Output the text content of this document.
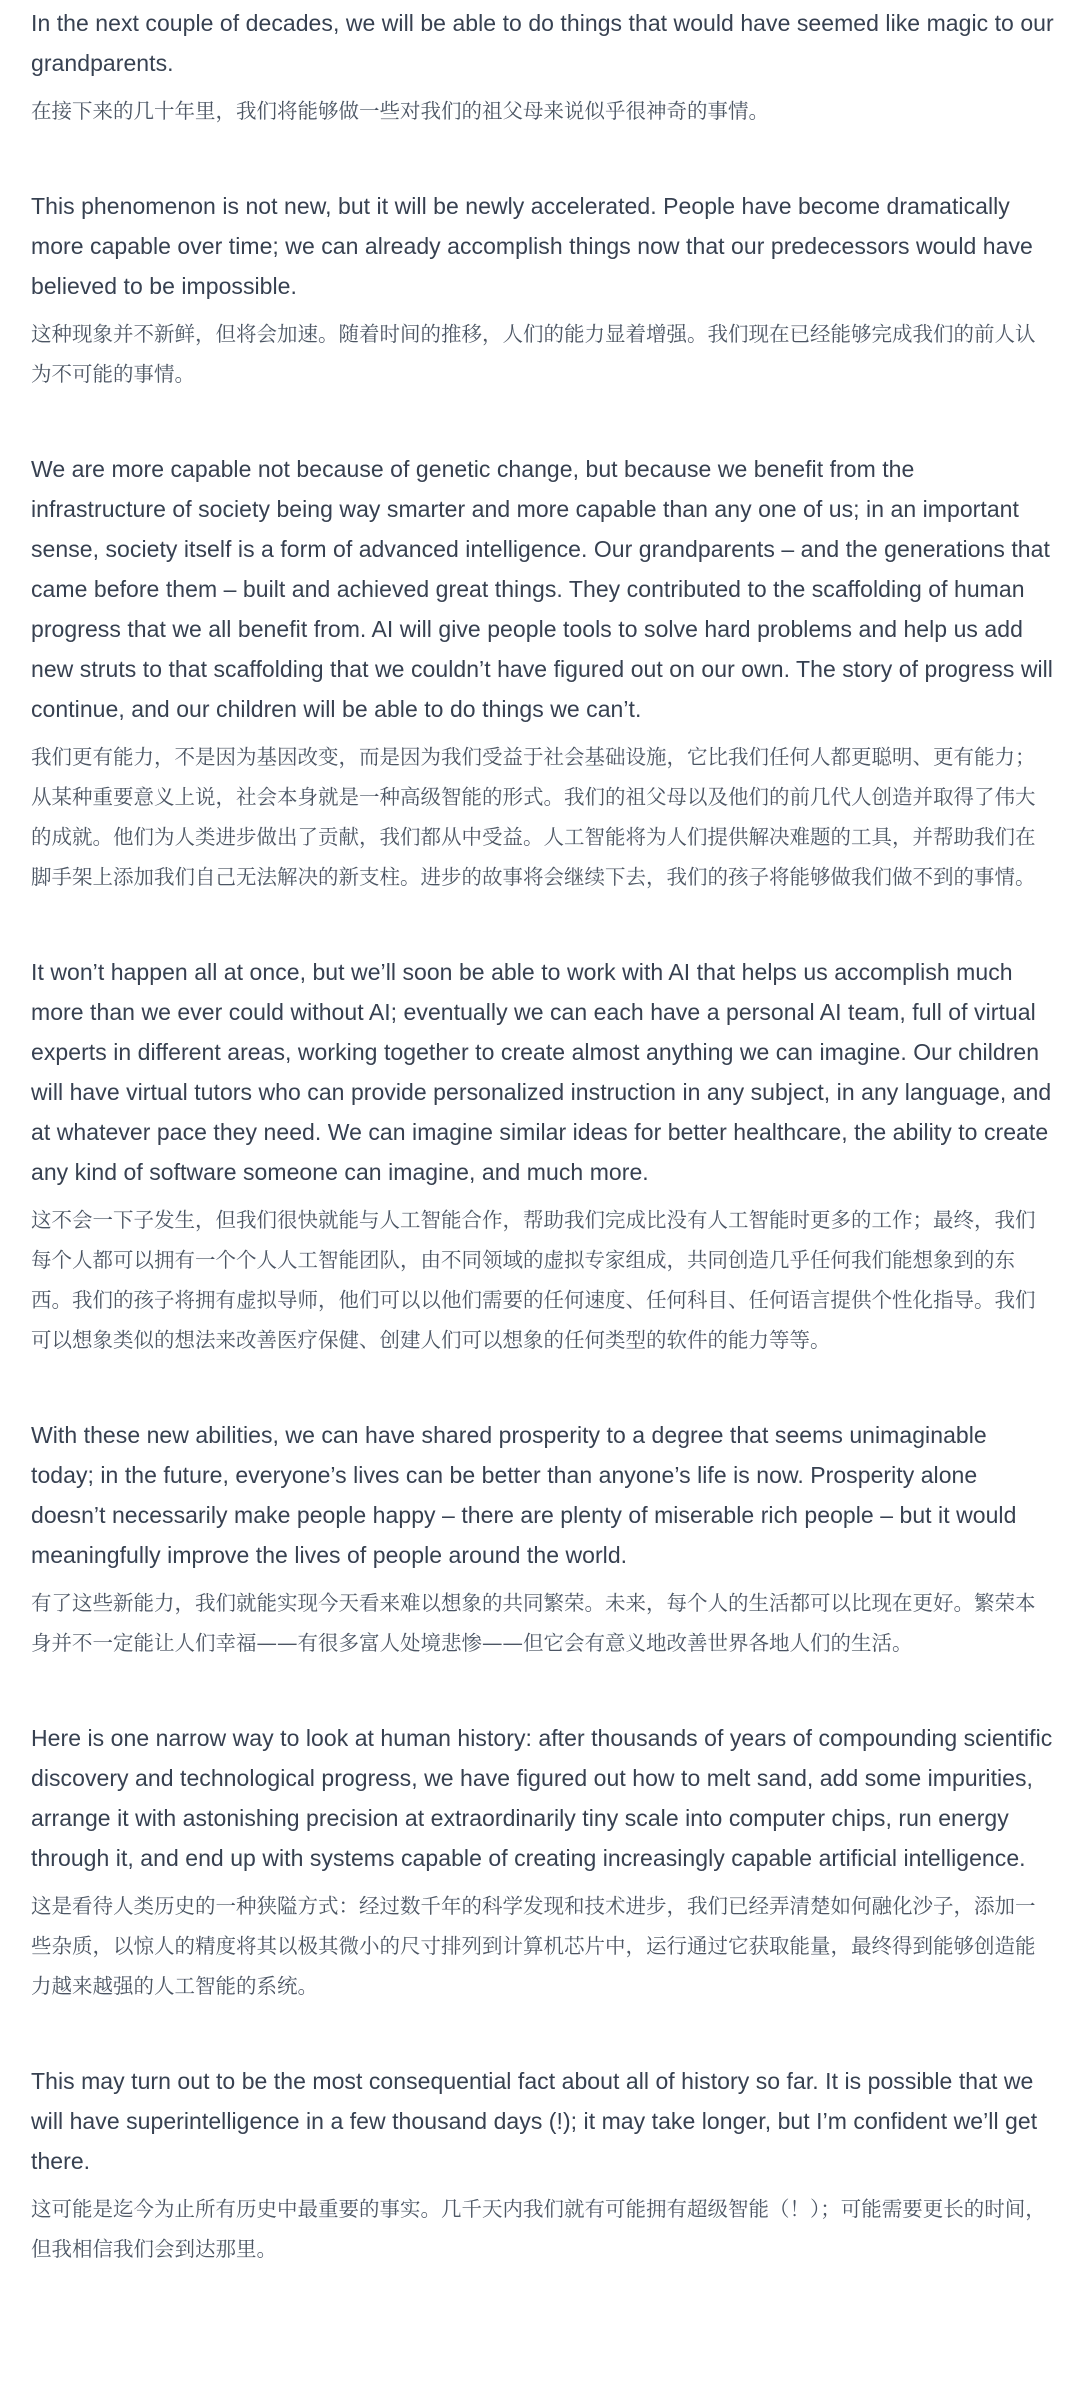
In the next couple of decades, we will be able to do things that would have seemed like magic to our grandparents.

在接下来的几十年里，我们将能够做一些对我们的祖父母来说似乎很神奇的事情。

This phenomenon is not new, but it will be newly accelerated. People have become dramatically more capable over time; we can already accomplish things now that our predecessors would have believed to be impossible.

这种现象并不新鲜，但将会加速。随着时间的推移，人们的能力显着增强。我们现在已经能够完成我们的前人认为不可能的事情。

We are more capable not because of genetic change, but because we benefit from the infrastructure of society being way smarter and more capable than any one of us; in an important sense, society itself is a form of advanced intelligence. Our grandparents – and the generations that came before them – built and achieved great things. They contributed to the scaffolding of human progress that we all benefit from. AI will give people tools to solve hard problems and help us add new struts to that scaffolding that we couldn’t have figured out on our own. The story of progress will continue, and our children will be able to do things we can’t.

我们更有能力，不是因为基因改变，而是因为我们受益于社会基础设施，它比我们任何人都更聪明、更有能力；从某种重要意义上说，社会本身就是一种高级智能的形式。我们的祖父母以及他们的前几代人创造并取得了伟大的成就。他们为人类进步做出了贡献，我们都从中受益。人工智能将为人们提供解决难题的工具，并帮助我们在脚手架上添加我们自己无法解决的新支柱。进步的故事将会继续下去，我们的孩子将能够做我们做不到的事情。

It won’t happen all at once, but we’ll soon be able to work with AI that helps us accomplish much more than we ever could without AI; eventually we can each have a personal AI team, full of virtual experts in different areas, working together to create almost anything we can imagine. Our children will have virtual tutors who can provide personalized instruction in any subject, in any language, and at whatever pace they need. We can imagine similar ideas for better healthcare, the ability to create any kind of software someone can imagine, and much more.

这不会一下子发生，但我们很快就能与人工智能合作，帮助我们完成比没有人工智能时更多的工作；最终，我们每个人都可以拥有一个个人人工智能团队，由不同领域的虚拟专家组成，共同创造几乎任何我们能想象到的东西。我们的孩子将拥有虚拟导师，他们可以以他们需要的任何速度、任何科目、任何语言提供个性化指导。我们可以想象类似的想法来改善医疗保健、创建人们可以想象的任何类型的软件的能力等等。

With these new abilities, we can have shared prosperity to a degree that seems unimaginable today; in the future, everyone’s lives can be better than anyone’s life is now. Prosperity alone doesn’t necessarily make people happy – there are plenty of miserable rich people – but it would meaningfully improve the lives of people around the world.

有了这些新能力，我们就能实现今天看来难以想象的共同繁荣。未来，每个人的生活都可以比现在更好。繁荣本身并不一定能让人们幸福——有很多富人处境悲惨——但它会有意义地改善世界各地人们的生活。

Here is one narrow way to look at human history: after thousands of years of compounding scientific discovery and technological progress, we have figured out how to melt sand, add some impurities, arrange it with astonishing precision at extraordinarily tiny scale into computer chips, run energy through it, and end up with systems capable of creating increasingly capable artificial intelligence.

这是看待人类历史的一种狭隘方式：经过数千年的科学发现和技术进步，我们已经弄清楚如何融化沙子，添加一些杂质，以惊人的精度将其以极其微小的尺寸排列到计算机芯片中，运行通过它获取能量，最终得到能够创造能力越来越强的人工智能的系统。

This may turn out to be the most consequential fact about all of history so far. It is possible that we will have superintelligence in a few thousand days (!); it may take longer, but I’m confident we’ll get there.

这可能是迄今为止所有历史中最重要的事实。几千天内我们就有可能拥有超级智能（！）；可能需要更长的时间，但我相信我们会到达那里。
